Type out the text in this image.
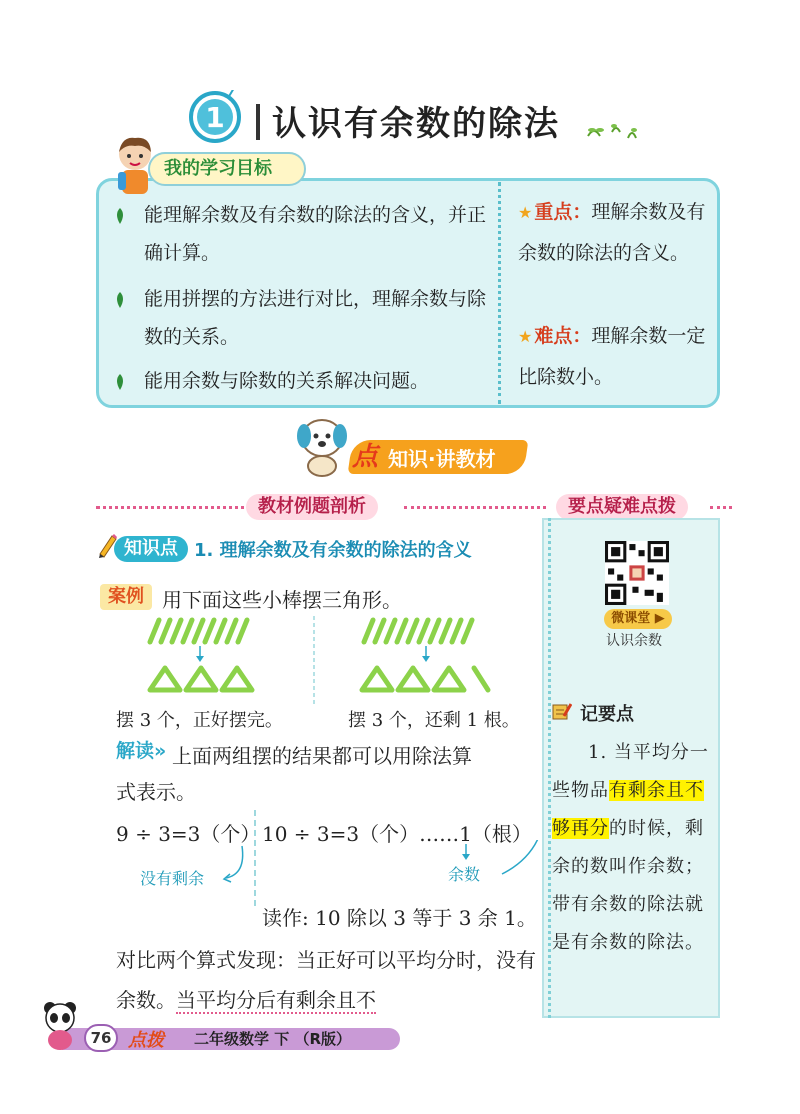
1 认识有余数的除法
我的学习目标
能理解余数及有余数的除法的含义，并正确计算。
能用拼摆的方法进行对比，理解余数与除数的关系。
能用余数与除数的关系解决问题。
★ 重点：理解余数及有余数的除法的含义。
★ 难点：理解余数一定比除数小。
点 知识·讲教材
教材例题剖析	要点疑难点拨
微课堂 ▶
认识余数
记要点
1. 当平均分一些物品有剩余且不够再分的时候，剩余的数叫作余数；带有余数的除法就是有余数的除法。
知识点 1. 理解余数及有余数的除法的含义
案例 用下面这些小棒摆三角形。
摆 3 个，正好摆完。	摆 3 个，还剩 1 根。
解读» 上面两组摆的结果都可以用除法算
式表示。
9 ÷ 3=3（个） 10 ÷ 3=3（个）……1（根）
没有剩余	余数
读作: 10 除以 3 等于 3 余 1。
对比两个算式发现：当正好可以平均分时，没有余数。当平均分后有剩余且不
76 点拨 二年级数学 下 （R版）
